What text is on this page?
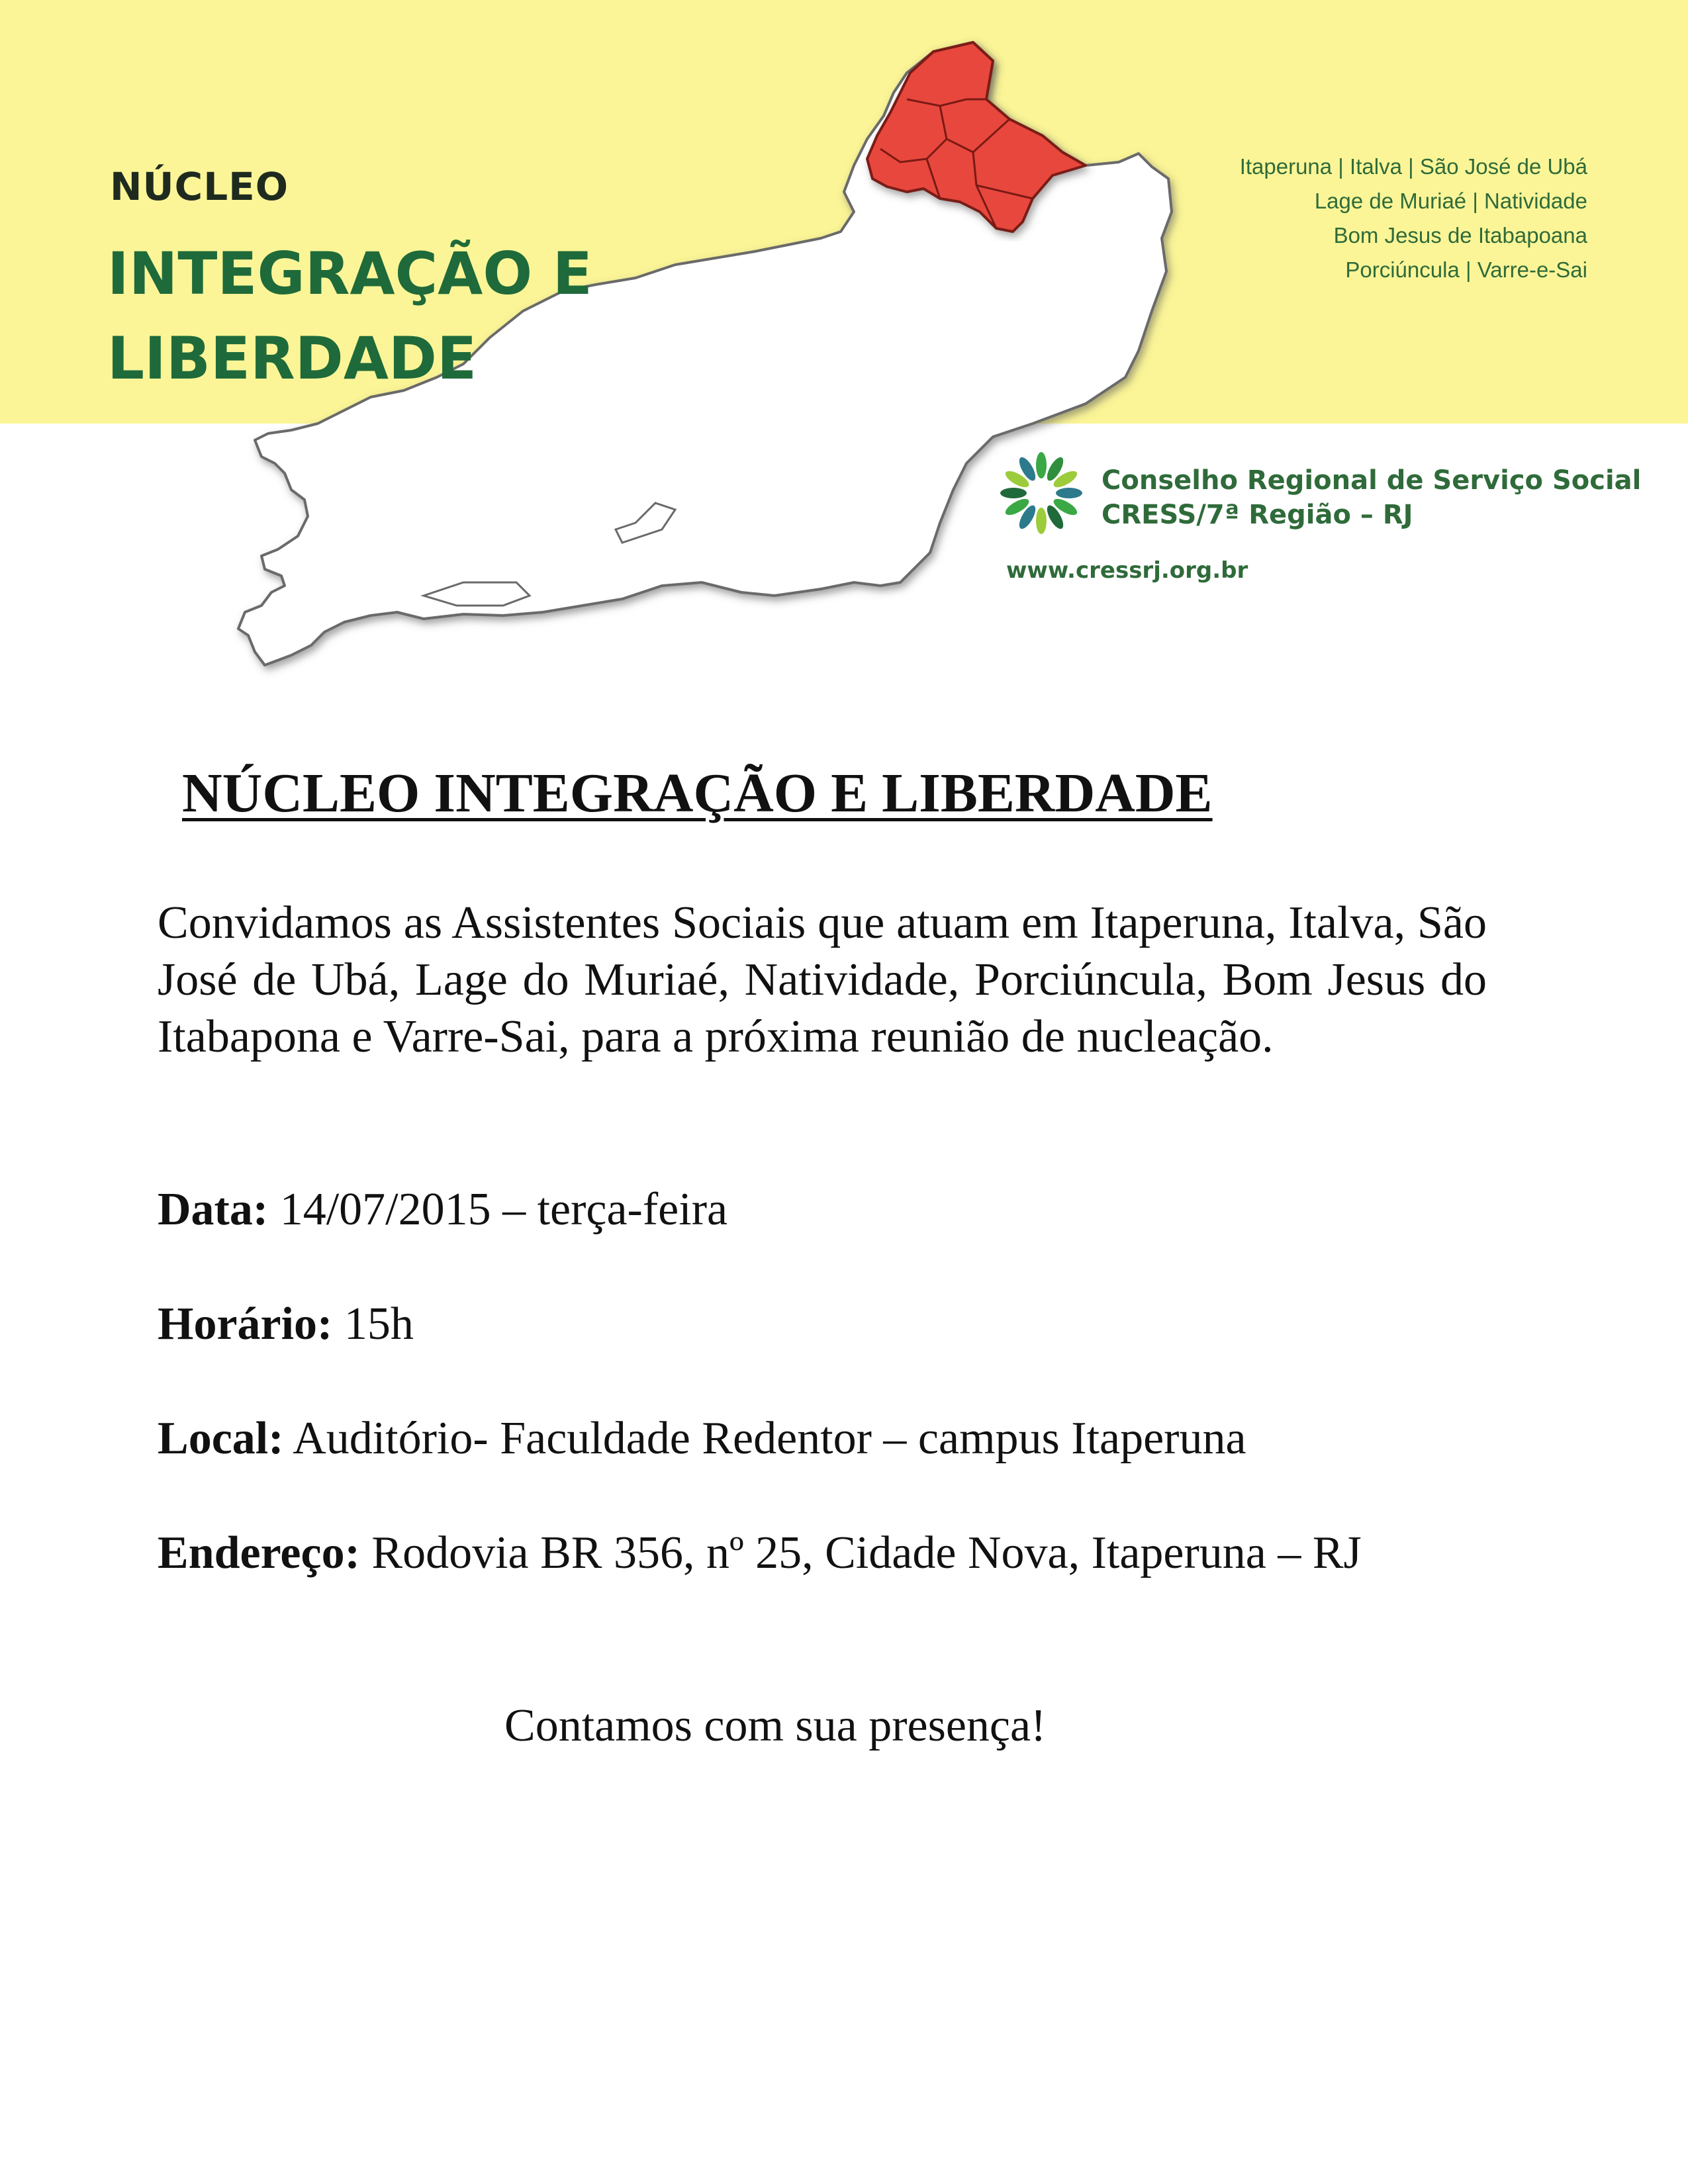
NÚCLEO
INTEGRAÇÃO E
LIBERDADE
Itaperuna | Italva | São José de Ubá
Lage de Muriaé | Natividade
Bom Jesus de Itabapoana
Porciúncula | Varre-e-Sai
Conselho Regional de Serviço Social
CRESS/7ª Região – RJ
www.cressrj.org.br
NÚCLEO INTEGRAÇÃO E LIBERDADE
Convidamos as Assistentes Sociais que atuam em Itaperuna, Italva, São José de Ubá, Lage do Muriaé, Natividade, Porciúncula, Bom Jesus do Itabapona e Varre-Sai, para a próxima reunião de nucleação.
Data: 14/07/2015 – terça-feira
Horário: 15h
Local: Auditório- Faculdade Redentor – campus Itaperuna
Endereço: Rodovia BR 356, nº 25, Cidade Nova, Itaperuna – RJ
Contamos com sua presença!
